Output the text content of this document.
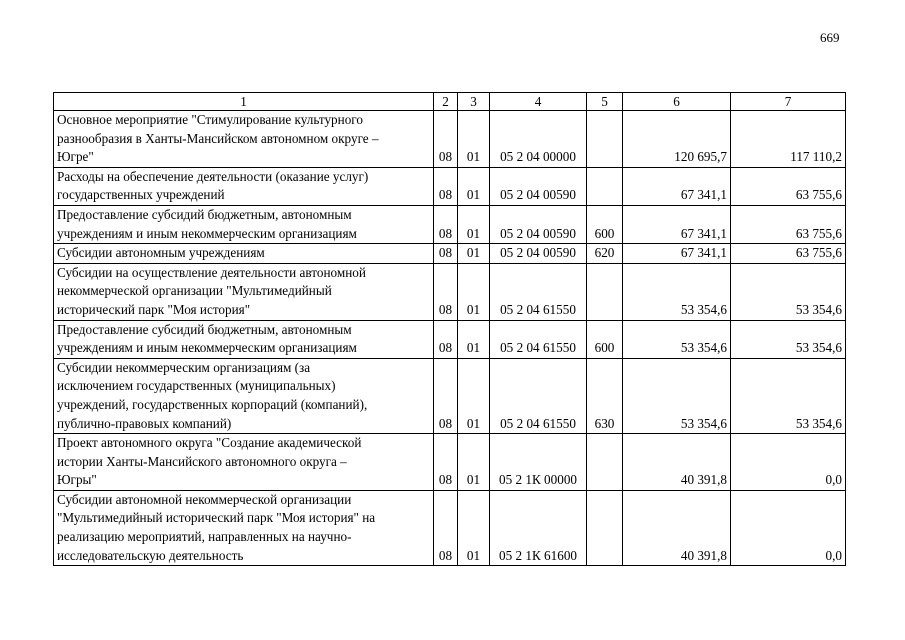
669
1	2	3	4	5	6	7

Основное мероприятие "Стимулирование культурного
разнообразия в Ханты-Мансийском автономном округе –
Югре"	08	01	05 2 04 00000		120 695,7	117 110,2

Расходы на обеспечение деятельности (оказание услуг)
государственных учреждений	08	01	05 2 04 00590		67 341,1	63 755,6

Предоставление субсидий бюджетным, автономным
учреждениям и иным некоммерческим организациям	08	01	05 2 04 00590	600	67 341,1	63 755,6

Субсидии автономным учреждениям	08	01	05 2 04 00590	620	67 341,1	63 755,6

Субсидии на осуществление деятельности автономной
некоммерческой организации "Мультимедийный
исторический парк "Моя история"	08	01	05 2 04 61550		53 354,6	53 354,6

Предоставление субсидий бюджетным, автономным
учреждениям и иным некоммерческим организациям	08	01	05 2 04 61550	600	53 354,6	53 354,6

Субсидии некоммерческим организациям (за
исключением государственных (муниципальных)
учреждений, государственных корпораций (компаний),
публично-правовых компаний)	08	01	05 2 04 61550	630	53 354,6	53 354,6

Проект автономного округа "Создание академической
истории Ханты-Мансийского автономного округа –
Югры"	08	01	05 2 1К 00000		40 391,8	0,0

Субсидии автономной некоммерческой организации
"Мультимедийный исторический парк "Моя история" на
реализацию мероприятий, направленных на научно-
исследовательскую деятельность	08	01	05 2 1К 61600		40 391,8	0,0
